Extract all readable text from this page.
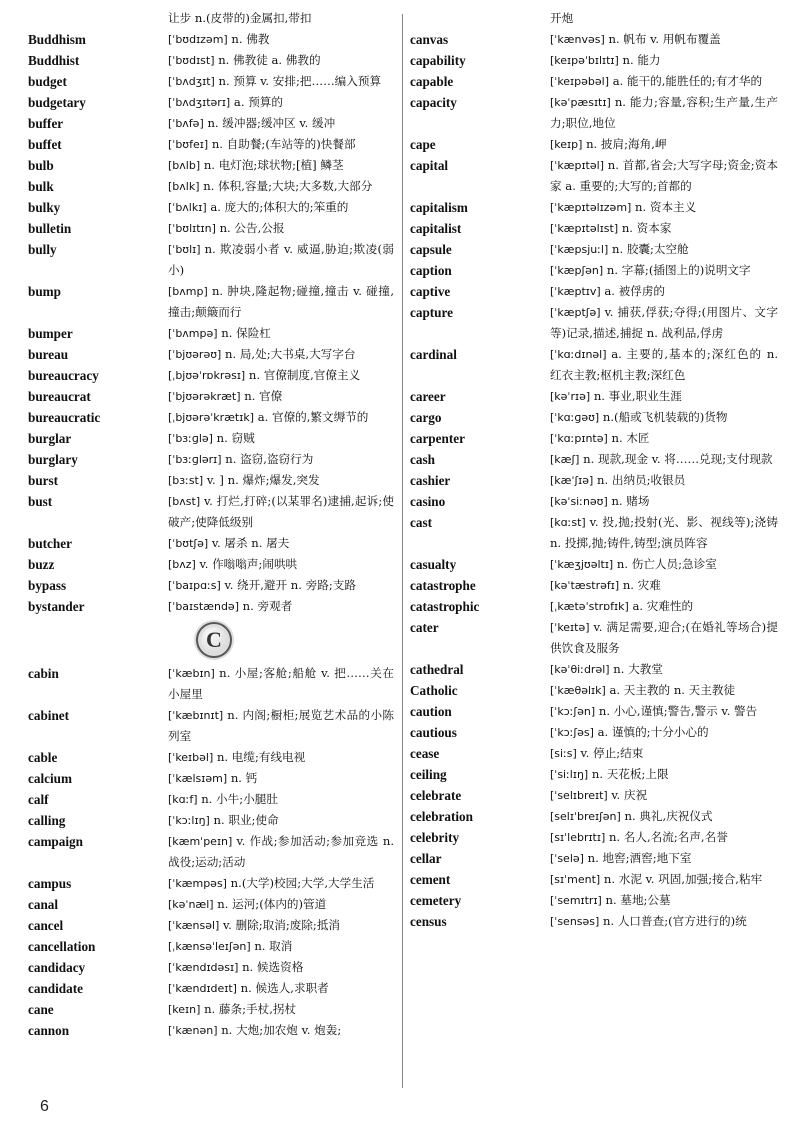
让步 n.(皮带的)金属扣,带扣
Buddhism	[ˈbʊdɪzəm] n. 佛教
Buddhist	[ˈbʊdɪst] n. 佛教徒 a. 佛教的
budget	[ˈbʌdʒɪt] n. 预算 v. 安排;把……编入预算
budgetary	[ˈbʌdʒɪtərɪ] a. 预算的
buffer	[ˈbʌfə] n. 缓冲器;缓冲区 v. 缓冲
buffet	[ˈbʊfeɪ] n. 自助餐;(车站等的)快餐部
bulb	[bʌlb] n. 电灯泡;球状物;[植] 鳞茎
bulk	[bʌlk] n. 体积,容量;大块;大多数,大部分
bulky	[ˈbʌlkɪ] a. 庞大的;体积大的;笨重的
bulletin	[ˈbʊlɪtɪn] n. 公告,公报
bully	[ˈbʊlɪ] n. 欺凌弱小者 v. 威逼,胁迫;欺凌(弱小)
bump	[bʌmp] n. 肿块,隆起物;碰撞,撞击 v. 碰撞,撞击;颠簸而行
bumper	[ˈbʌmpə] n. 保险杠
bureau	[ˈbjʊərəʊ] n. 局,处;大书桌,大写字台
bureaucracy	[ˌbjʊəˈrɒkrəsɪ] n. 官僚制度,官僚主义
bureaucrat	[ˈbjʊərəkræt] n. 官僚
bureaucratic	[ˌbjʊərəˈkrætɪk] a. 官僚的,繁文缛节的
burglar	[ˈbɜːɡlə] n. 窃贼
burglary	[ˈbɜːɡlərɪ] n. 盗窃,盗窃行为
burst	[bɜːst] v. ] n. 爆炸;爆发,突发
bust	[bʌst] v. 打烂,打碎;(以某罪名)逮捕,起诉;使破产;使降低级别
butcher	[ˈbʊtʃə] v. 屠杀 n. 屠夫
buzz	[bʌz] v. 作嗡嗡声;闹哄哄
bypass	[ˈbaɪpɑːs] v. 绕开,避开 n. 旁路;支路
bystander	[ˈbaɪstændə] n. 旁观者
C
cabin	[ˈkæbɪn] n. 小屋;客舱;船舱 v. 把……关在小屋里
cabinet	[ˈkæbɪnɪt] n. 内阁;橱柜;展览艺术品的小陈列室
cable	[ˈkeɪbəl] n. 电缆;有线电视
calcium	[ˈkælsɪəm] n. 钙
calf	[kɑːf] n. 小牛;小腿肚
calling	[ˈkɔːlɪŋ] n. 职业;使命
campaign	[kæmˈpeɪn] v. 作战;参加活动;参加竞选 n. 战役;运动;活动
campus	[ˈkæmpəs] n.(大学)校园;大学,大学生活
canal	[kəˈnæl] n. 运河;(体内的)管道
cancel	[ˈkænsəl] v. 删除;取消;废除;抵消
cancellation	[ˌkænsəˈleɪʃən] n. 取消
candidacy	[ˈkændɪdəsɪ] n. 候选资格
candidate	[ˈkændɪdeɪt] n. 候选人,求职者
cane	[keɪn] n. 藤条;手杖,拐杖
cannon	[ˈkænən] n. 大炮;加农炮 v. 炮轰;
开炮
canvas	[ˈkænvəs] n. 帆布 v. 用帆布覆盖
capability	[keɪpəˈbɪlɪtɪ] n. 能力
capable	[ˈkeɪpəbəl] a. 能干的,能胜任的;有才华的
capacity	[kəˈpæsɪtɪ] n. 能力;容量,容积;生产量,生产力;职位,地位
cape	[keɪp] n. 披肩;海角,岬
capital	[ˈkæpɪtəl] n. 首都,省会;大写字母;资金;资本家 a. 重要的;大写的;首都的
capitalism	[ˈkæpɪtəlɪzəm] n. 资本主义
capitalist	[ˈkæpɪtəlɪst] n. 资本家
capsule	[ˈkæpsjuːl] n. 胶囊;太空舱
caption	[ˈkæpʃən] n. 字幕;(插图上的)说明文字
captive	[ˈkæptɪv] a. 被俘虏的
capture	[ˈkæptʃə] v. 捕获,俘获;夺得;(用图片、文字等)记录,描述,捕捉 n. 战利品,俘虏
cardinal	[ˈkɑːdɪnəl] a. 主要的,基本的;深红色的 n. 红衣主教;枢机主教;深红色
career	[kəˈrɪə] n. 事业,职业生涯
cargo	[ˈkɑːɡəʊ] n.(船或飞机装载的)货物
carpenter	[ˈkɑːpɪntə] n. 木匠
cash	[kæʃ] n. 现款,现金 v. 将……兑现;支付现款
cashier	[kæˈʃɪə] n. 出纳员;收银员
casino	[kəˈsiːnəʊ] n. 赌场
cast	[kɑːst] v. 投,抛;投射(光、影、视线等);浇铸 n. 投掷,抛;铸件,铸型;演员阵容
casualty	[ˈkæʒjʊəltɪ] n. 伤亡人员;急诊室
catastrophe	[kəˈtæstrəfɪ] n. 灾难
catastrophic	[ˌkætəˈstrɒfɪk] a. 灾难性的
cater	[ˈkeɪtə] v. 满足需要,迎合;(在婚礼等场合)提供饮食及服务
cathedral	[kəˈθiːdrəl] n. 大教堂
Catholic	[ˈkæθəlɪk] a. 天主教的 n. 天主教徒
caution	[ˈkɔːʃən] n. 小心,谨慎;警告,警示 v. 警告
cautious	[ˈkɔːʃəs] a. 谨慎的;十分小心的
cease	[siːs] v. 停止;结束
ceiling	[ˈsiːlɪŋ] n. 天花板;上限
celebrate	[ˈselɪbreɪt] v. 庆祝
celebration	[selɪˈbreɪʃən] n. 典礼,庆祝仪式
celebrity	[sɪˈlebrɪtɪ] n. 名人,名流;名声,名誉
cellar	[ˈselə] n. 地窖;酒窖;地下室
cement	[sɪˈment] n. 水泥 v. 巩固,加强;接合,粘牢
cemetery	[ˈsemɪtrɪ] n. 墓地;公墓
census	[ˈsensəs] n. 人口普查;(官方进行的)统
6
